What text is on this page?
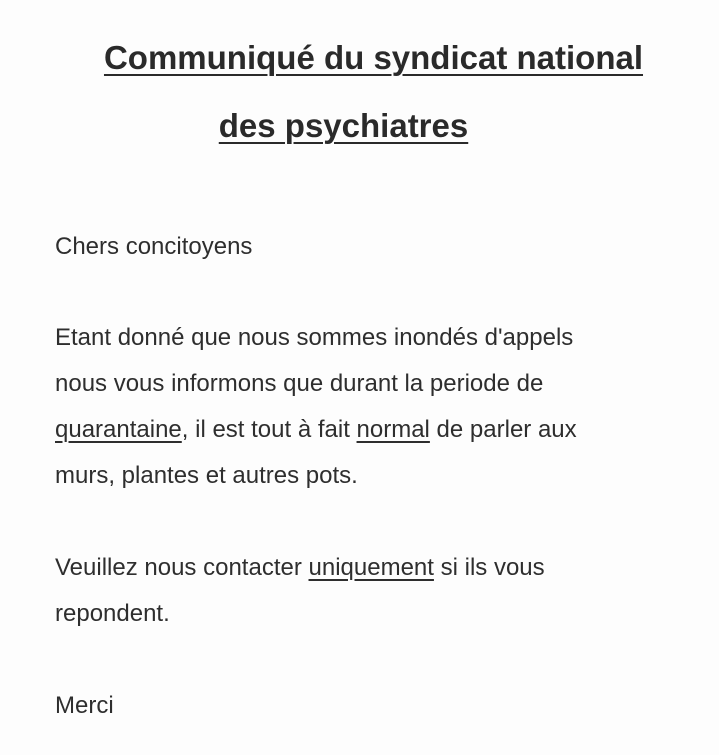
Communiqué du syndicat national
des psychiatres
Chers concitoyens
Etant donné que nous sommes inondés d'appels
nous vous informons que durant la periode de
quarantaine, il est tout à fait normal de parler aux
murs, plantes et autres pots.
Veuillez nous contacter uniquement si ils vous
repondent.
Merci
